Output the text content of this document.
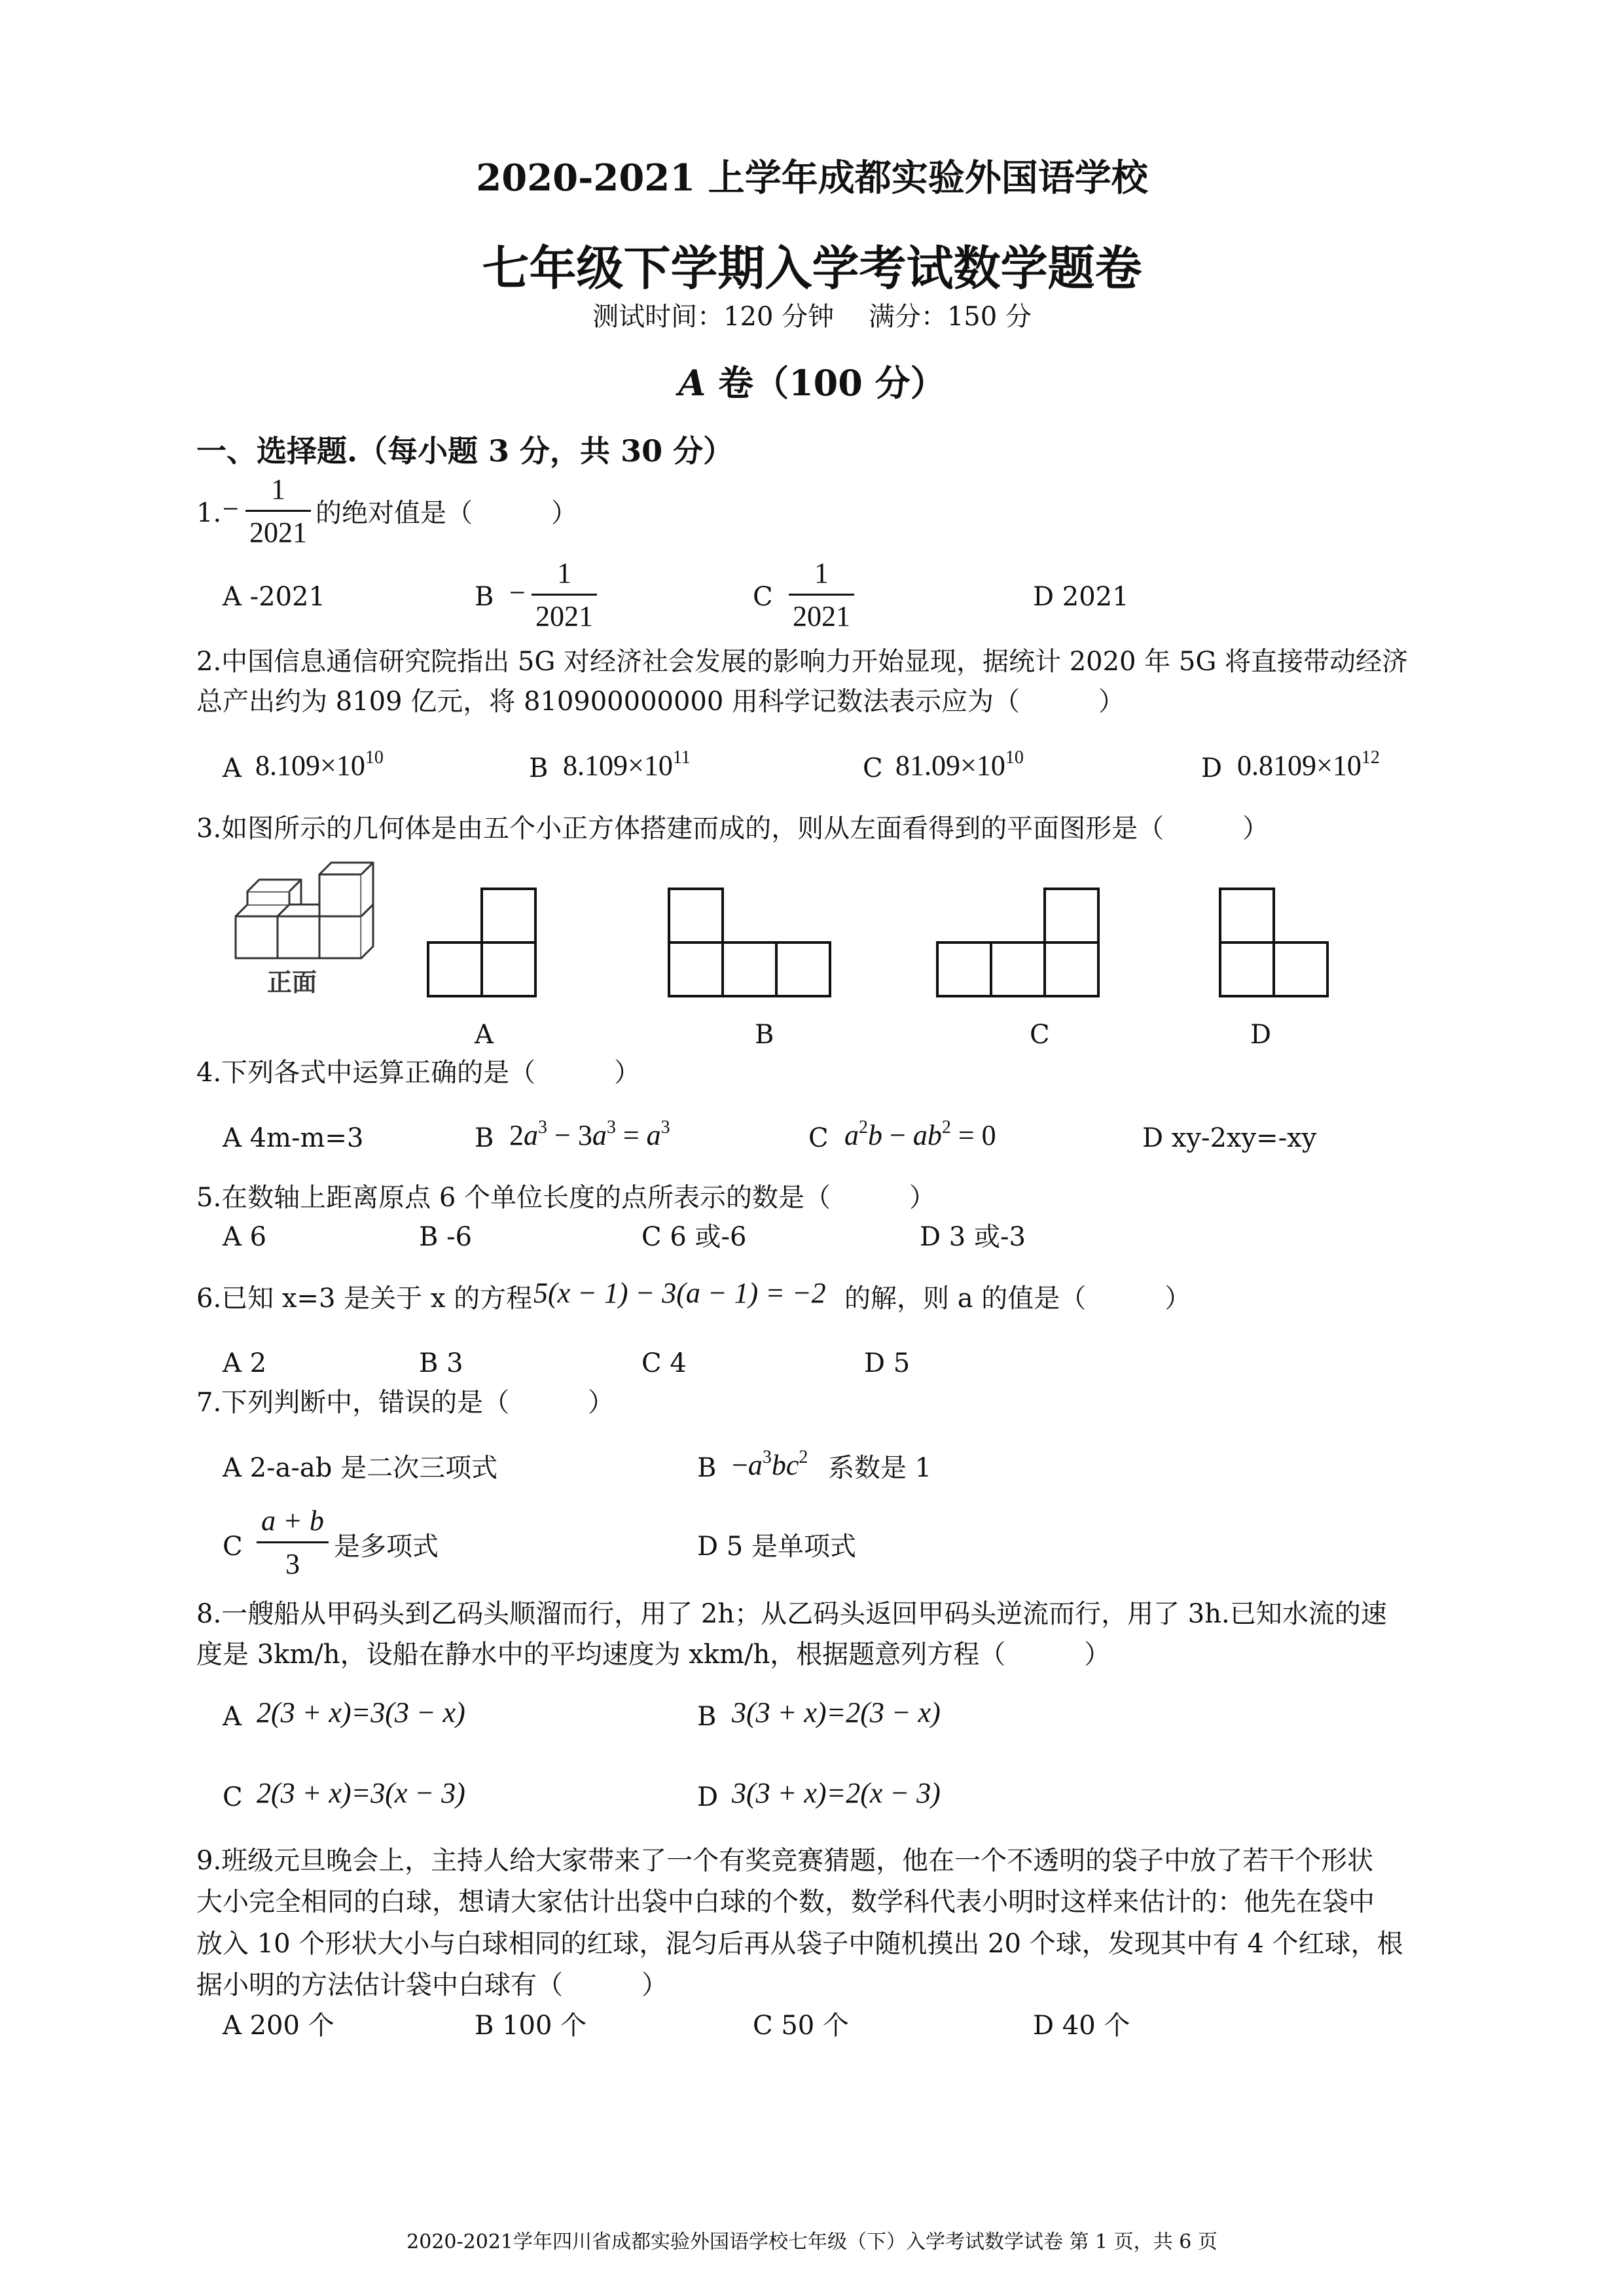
2020-2021 上学年成都实验外国语学校
七年级下学期入学考试数学题卷
测试时间：120 分钟　 满分：150 分
A 卷（100 分）
一、选择题.（每小题 3 分，共 30 分）
1. −
1
2021
的绝对值是（　　　）
A -2021	B −
1
2021
C
1
2021
D 2021
2.中国信息通信研究院指出 5G 对经济社会发展的影响力开始显现，据统计 2020 年 5G 将直接带动经济
总产出约为 8109 亿元，将 810900000000 用科学记数法表示应为（　　　）
A $8.109\times 10^{10}$	B $8.109\times 10^{11}$	C $81.09\times 10^{10}$	D $0.8109\times 10^{12}$
3.如图所示的几何体是由五个小正方体搭建而成的，则从左面看得到的平面图形是（　　　）
正面
A	B	C	D
4.下列各式中运算正确的是（　　　）
A 4m-m=3	B $2a^3 - 3a^3 = a^3$	C $a^2b - ab^2 = 0$	D xy-2xy=-xy
5.在数轴上距离原点 6 个单位长度的点所表示的数是（　　　）
A 6	B -6	C 6 或-6	D 3 或-3
6.已知 x=3 是关于 x 的方程 5(x − 1) − 3(a − 1) = −2 的解，则 a 的值是（　　　）
A 2	B 3	C 4	D 5
7.下列判断中，错误的是（　　　）
A 2-a-ab 是二次三项式	$B -a^3bc^2$ 系数是 1
C
a + b
3
是多项式	D 5 是单项式
8.一艘船从甲码头到乙码头顺溜而行，用了 2h；从乙码头返回甲码头逆流而行，用了 3h.已知水流的速
度是 3km/h，设船在静水中的平均速度为 xkm/h，根据题意列方程（　　　）
A 2(3 + x)=3(3 − x)	B 3(3 + x)=2(3 − x)
C 2(3 + x)=3(x − 3)	D 3(3 + x)=2(x − 3)
9.班级元旦晚会上，主持人给大家带来了一个有奖竞赛猜题，他在一个不透明的袋子中放了若干个形状
大小完全相同的白球，想请大家估计出袋中白球的个数，数学科代表小明时这样来估计的：他先在袋中
放入 10 个形状大小与白球相同的红球，混匀后再从袋子中随机摸出 20 个球，发现其中有 4 个红球，根
据小明的方法估计袋中白球有（　　　）
A 200 个	B 100 个	C 50 个	D 40 个
2020-2021学年四川省成都实验外国语学校七年级（下）入学考试数学试卷 第 1 页，共 6 页
